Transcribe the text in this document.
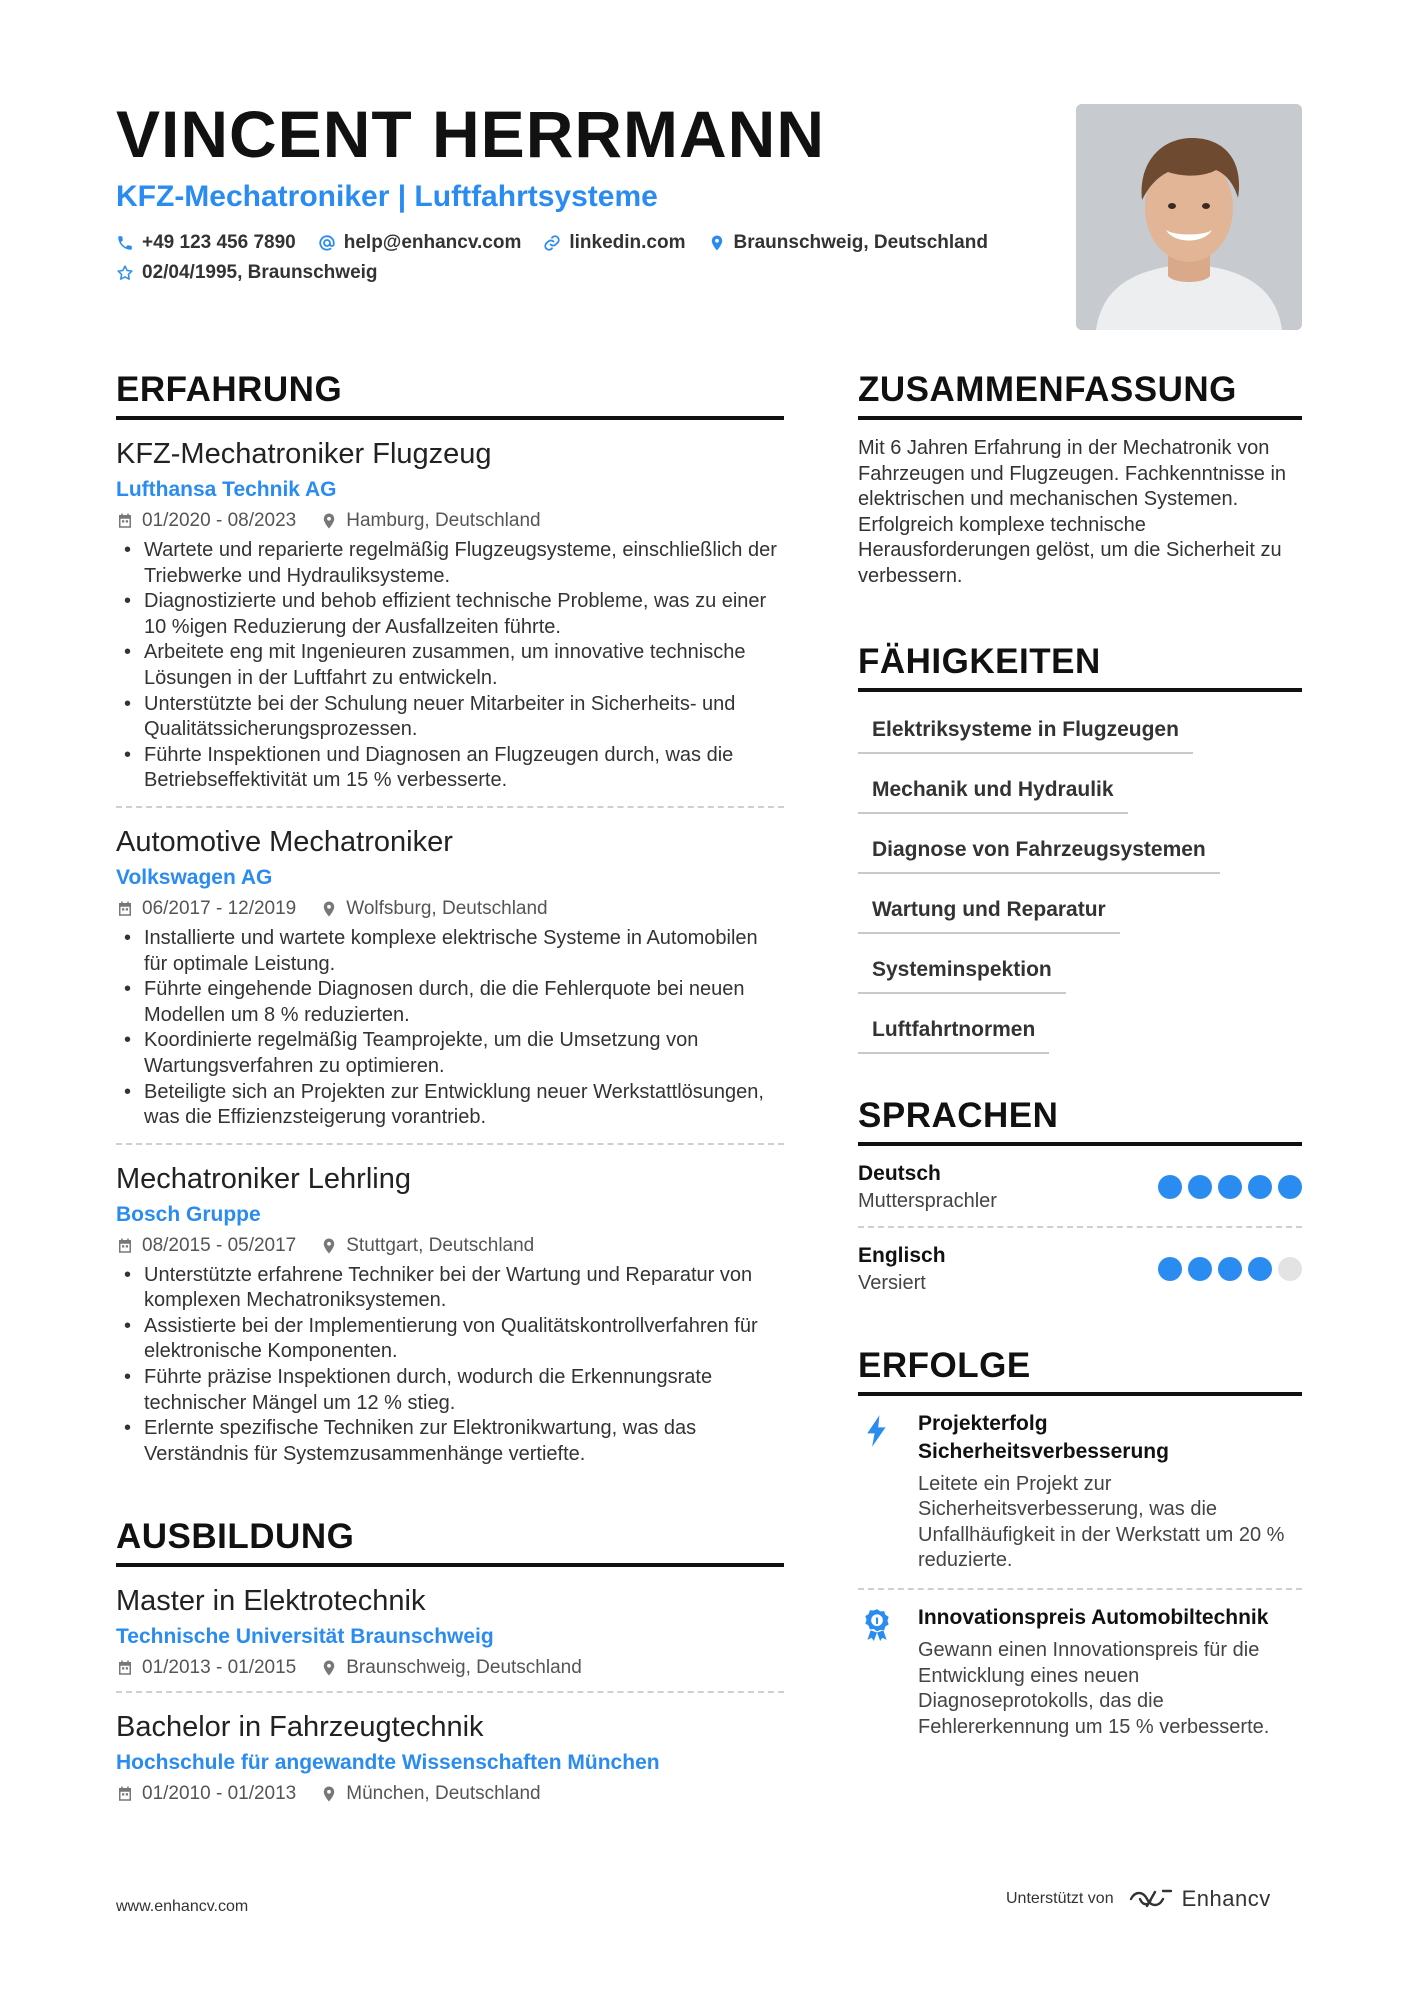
VINCENT HERRMANN
KFZ-Mechatroniker | Luftfahrtsysteme
+49 123 456 7890	help@enhancv.com	linkedin.com	Braunschweig, Deutschland
02/04/1995, Braunschweig
ERFAHRUNG
KFZ-Mechatroniker Flugzeug
Lufthansa Technik AG
01/2020 - 08/2023	Hamburg, Deutschland
• Wartete und reparierte regelmäßig Flugzeugsysteme, einschließlich der Triebwerke und Hydrauliksysteme.
• Diagnostizierte und behob effizient technische Probleme, was zu einer 10 %igen Reduzierung der Ausfallzeiten führte.
• Arbeitete eng mit Ingenieuren zusammen, um innovative technische Lösungen in der Luftfahrt zu entwickeln.
• Unterstützte bei der Schulung neuer Mitarbeiter in Sicherheits- und Qualitätssicherungsprozessen.
• Führte Inspektionen und Diagnosen an Flugzeugen durch, was die Betriebseffektivität um 15 % verbesserte.
Automotive Mechatroniker
Volkswagen AG
06/2017 - 12/2019	Wolfsburg, Deutschland
• Installierte und wartete komplexe elektrische Systeme in Automobilen für optimale Leistung.
• Führte eingehende Diagnosen durch, die die Fehlerquote bei neuen Modellen um 8 % reduzierten.
• Koordinierte regelmäßig Teamprojekte, um die Umsetzung von Wartungsverfahren zu optimieren.
• Beteiligte sich an Projekten zur Entwicklung neuer Werkstattlösungen, was die Effizienzsteigerung vorantrieb.
Mechatroniker Lehrling
Bosch Gruppe
08/2015 - 05/2017	Stuttgart, Deutschland
• Unterstützte erfahrene Techniker bei der Wartung und Reparatur von komplexen Mechatroniksystemen.
• Assistierte bei der Implementierung von Qualitätskontrollverfahren für elektronische Komponenten.
• Führte präzise Inspektionen durch, wodurch die Erkennungsrate technischer Mängel um 12 % stieg.
• Erlernte spezifische Techniken zur Elektronikwartung, was das Verständnis für Systemzusammenhänge vertiefte.
AUSBILDUNG
Master in Elektrotechnik
Technische Universität Braunschweig
01/2013 - 01/2015	Braunschweig, Deutschland
Bachelor in Fahrzeugtechnik
Hochschule für angewandte Wissenschaften München
01/2010 - 01/2013	München, Deutschland
ZUSAMMENFASSUNG
Mit 6 Jahren Erfahrung in der Mechatronik von Fahrzeugen und Flugzeugen. Fachkenntnisse in elektrischen und mechanischen Systemen. Erfolgreich komplexe technische Herausforderungen gelöst, um die Sicherheit zu verbessern.
FÄHIGKEITEN
Elektriksysteme in Flugzeugen
Mechanik und Hydraulik
Diagnose von Fahrzeugsystemen
Wartung und Reparatur
Systeminspektion
Luftfahrtnormen
SPRACHEN
Deutsch
Muttersprachler
Englisch
Versiert
ERFOLGE
Projekterfolg Sicherheitsverbesserung
Leitete ein Projekt zur Sicherheitsverbesserung, was die Unfallhäufigkeit in der Werkstatt um 20 % reduzierte.
Innovationspreis Automobiltechnik
Gewann einen Innovationspreis für die Entwicklung eines neuen Diagnoseprotokolls, das die Fehlererkennung um 15 % verbesserte.
www.enhancv.com	Unterstützt von	Enhancv
